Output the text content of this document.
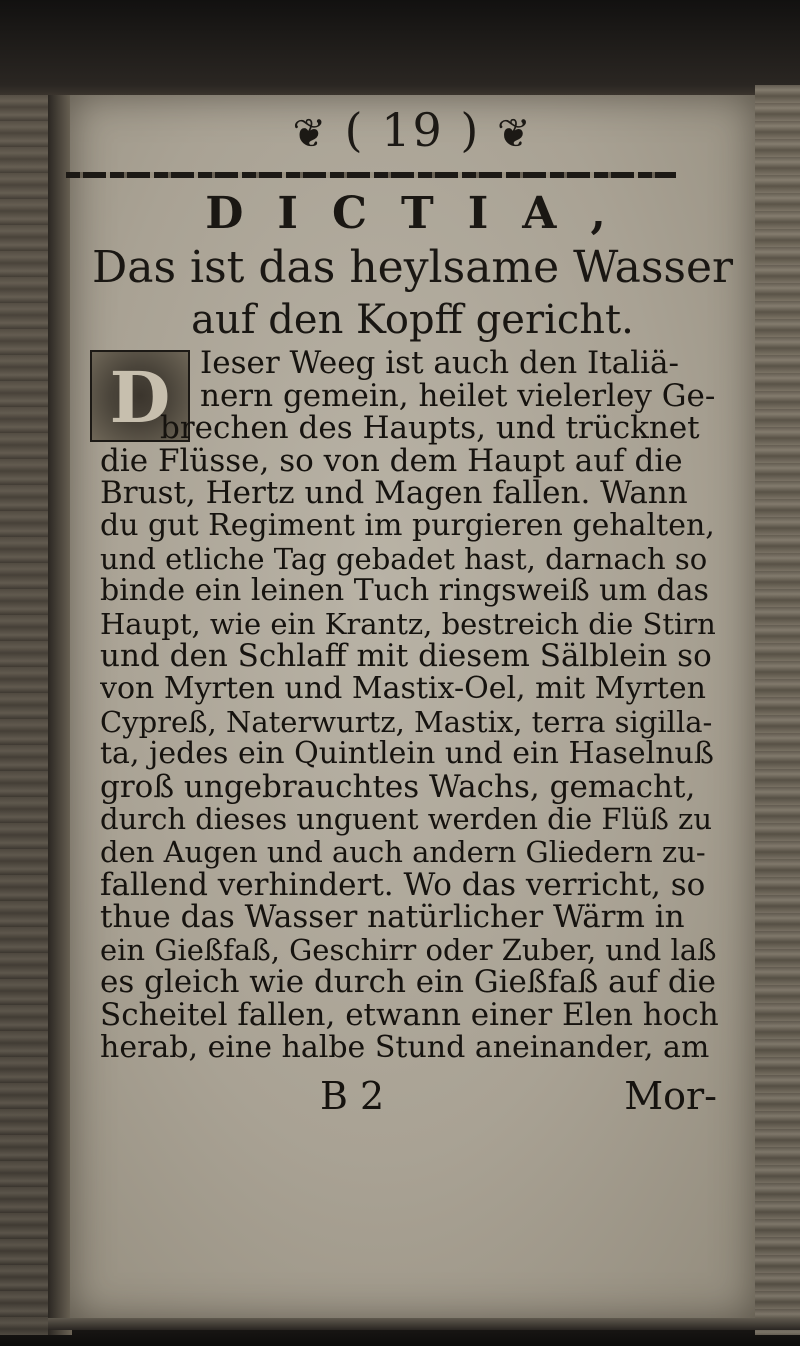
❦ ( 19 ) ❦
DICTIA,
Das ist das heylsame Wasser
auf den Kopff gericht.
D Ieser Weeg ist auch den Italiä-
nern gemein, heilet vielerley Ge-
brechen des Haupts, und trücknet
die Flüsse, so von dem Haupt auf die
Brust, Hertz und Magen fallen. Wann
du gut Regiment im purgieren gehalten,
und etliche Tag gebadet hast, darnach so
binde ein leinen Tuch ringsweiß um das
Haupt, wie ein Krantz, bestreich die Stirn
und den Schlaff mit diesem Sälblein so
von Myrten und Mastix-Oel, mit Myrten
Cypreß, Naterwurtz, Mastix, terra sigilla-
ta, jedes ein Quintlein und ein Haselnuß
groß ungebrauchtes Wachs, gemacht,
durch dieses unguent werden die Flüß zu
den Augen und auch andern Gliedern zu-
fallend verhindert. Wo das verricht, so
thue das Wasser natürlicher Wärm in
ein Gießfaß, Geschirr oder Zuber, und laß
es gleich wie durch ein Gießfaß auf die
Scheitel fallen, etwann einer Elen hoch
herab, eine halbe Stund aneinander, am
B 2	Mor-
